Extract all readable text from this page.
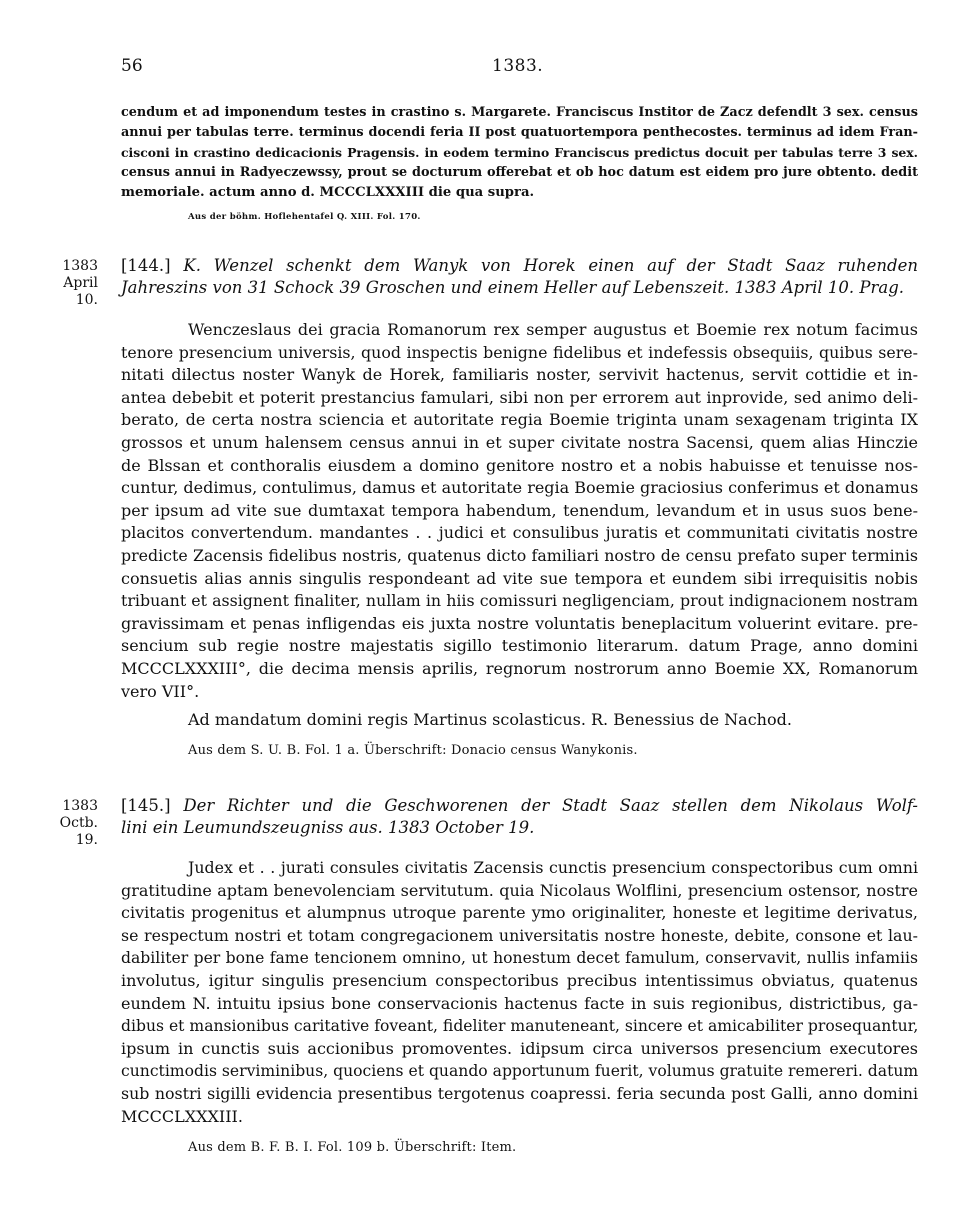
56	1383.
cendum et ad imponendum testes in crastino s. Margarete. Franciscus Institor de Zacz defendlt 3 sex. census
annui per tabulas terre. terminus docendi feria II post quatuortempora penthecostes. terminus ad idem Fran-
cisconi in crastino dedicacionis Pragensis. in eodem termino Franciscus predictus docuit per tabulas terre 3 sex.
census annui in Radyeczewssy, prout se docturum offerebat et ob hoc datum est eidem pro jure obtento. dedit
memoriale. actum anno d. MCCCLXXXIII die qua supra.
Aus der böhm. Hoflehentafel Q. XIII. Fol. 170.
1383
April 10.
[144.] K. Wenzel schenkt dem Wanyk von Horek einen auf der Stadt Saaz ruhenden
Jahreszins von 31 Schock 39 Groschen und einem Heller auf Lebenszeit. 1383 April 10. Prag.
Wenczeslaus dei gracia Romanorum rex semper augustus et Boemie rex notum facimus
tenore presencium universis, quod inspectis benigne fidelibus et indefessis obsequiis, quibus sere-
nitati dilectus noster Wanyk de Horek, familiaris noster, servivit hactenus, servit cottidie et in-
antea debebit et poterit prestancius famulari, sibi non per errorem aut inprovide, sed animo deli-
berato, de certa nostra sciencia et autoritate regia Boemie triginta unam sexagenam triginta IX
grossos et unum halensem census annui in et super civitate nostra Sacensi, quem alias Hinczie
de Blssan et conthoralis eiusdem a domino genitore nostro et a nobis habuisse et tenuisse nos-
cuntur, dedimus, contulimus, damus et autoritate regia Boemie graciosius conferimus et donamus
per ipsum ad vite sue dumtaxat tempora habendum, tenendum, levandum et in usus suos bene-
placitos convertendum. mandantes . . judici et consulibus juratis et communitati civitatis nostre
predicte Zacensis fidelibus nostris, quatenus dicto familiari nostro de censu prefato super terminis
consuetis alias annis singulis respondeant ad vite sue tempora et eundem sibi irrequisitis nobis
tribuant et assignent finaliter, nullam in hiis comissuri negligenciam, prout indignacionem nostram
gravissimam et penas infligendas eis juxta nostre voluntatis beneplacitum voluerint evitare. pre-
sencium sub regie nostre majestatis sigillo testimonio literarum. datum Prage, anno domini
MCCCLXXXIII°, die decima mensis aprilis, regnorum nostrorum anno Boemie XX, Romanorum
vero VII°.
Ad mandatum domini regis Martinus scolasticus. R. Benessius de Nachod.
Aus dem S. U. B. Fol. 1 a. Überschrift: Donacio census Wanykonis.
1383
Octb. 19.
[145.] Der Richter und die Geschworenen der Stadt Saaz stellen dem Nikolaus Wolf-
lini ein Leumundszeugniss aus. 1383 October 19.
Judex et . . jurati consules civitatis Zacensis cunctis presencium conspectoribus cum omni
gratitudine aptam benevolenciam servitutum. quia Nicolaus Wolflini, presencium ostensor, nostre
civitatis progenitus et alumpnus utroque parente ymo originaliter, honeste et legitime derivatus,
se respectum nostri et totam congregacionem universitatis nostre honeste, debite, consone et lau-
dabiliter per bone fame tencionem omnino, ut honestum decet famulum, conservavit, nullis infamiis
involutus, igitur singulis presencium conspectoribus precibus intentissimus obviatus, quatenus
eundem N. intuitu ipsius bone conservacionis hactenus facte in suis regionibus, districtibus, ga-
dibus et mansionibus caritative foveant, fideliter manuteneant, sincere et amicabiliter prosequantur,
ipsum in cunctis suis accionibus promoventes. idipsum circa universos presencium executores
cunctimodis serviminibus, quociens et quando apportunum fuerit, volumus gratuite remereri. datum
sub nostri sigilli evidencia presentibus tergotenus coapressi. feria secunda post Galli, anno domini
MCCCLXXXIII.
Aus dem B. F. B. I. Fol. 109 b. Überschrift: Item.
